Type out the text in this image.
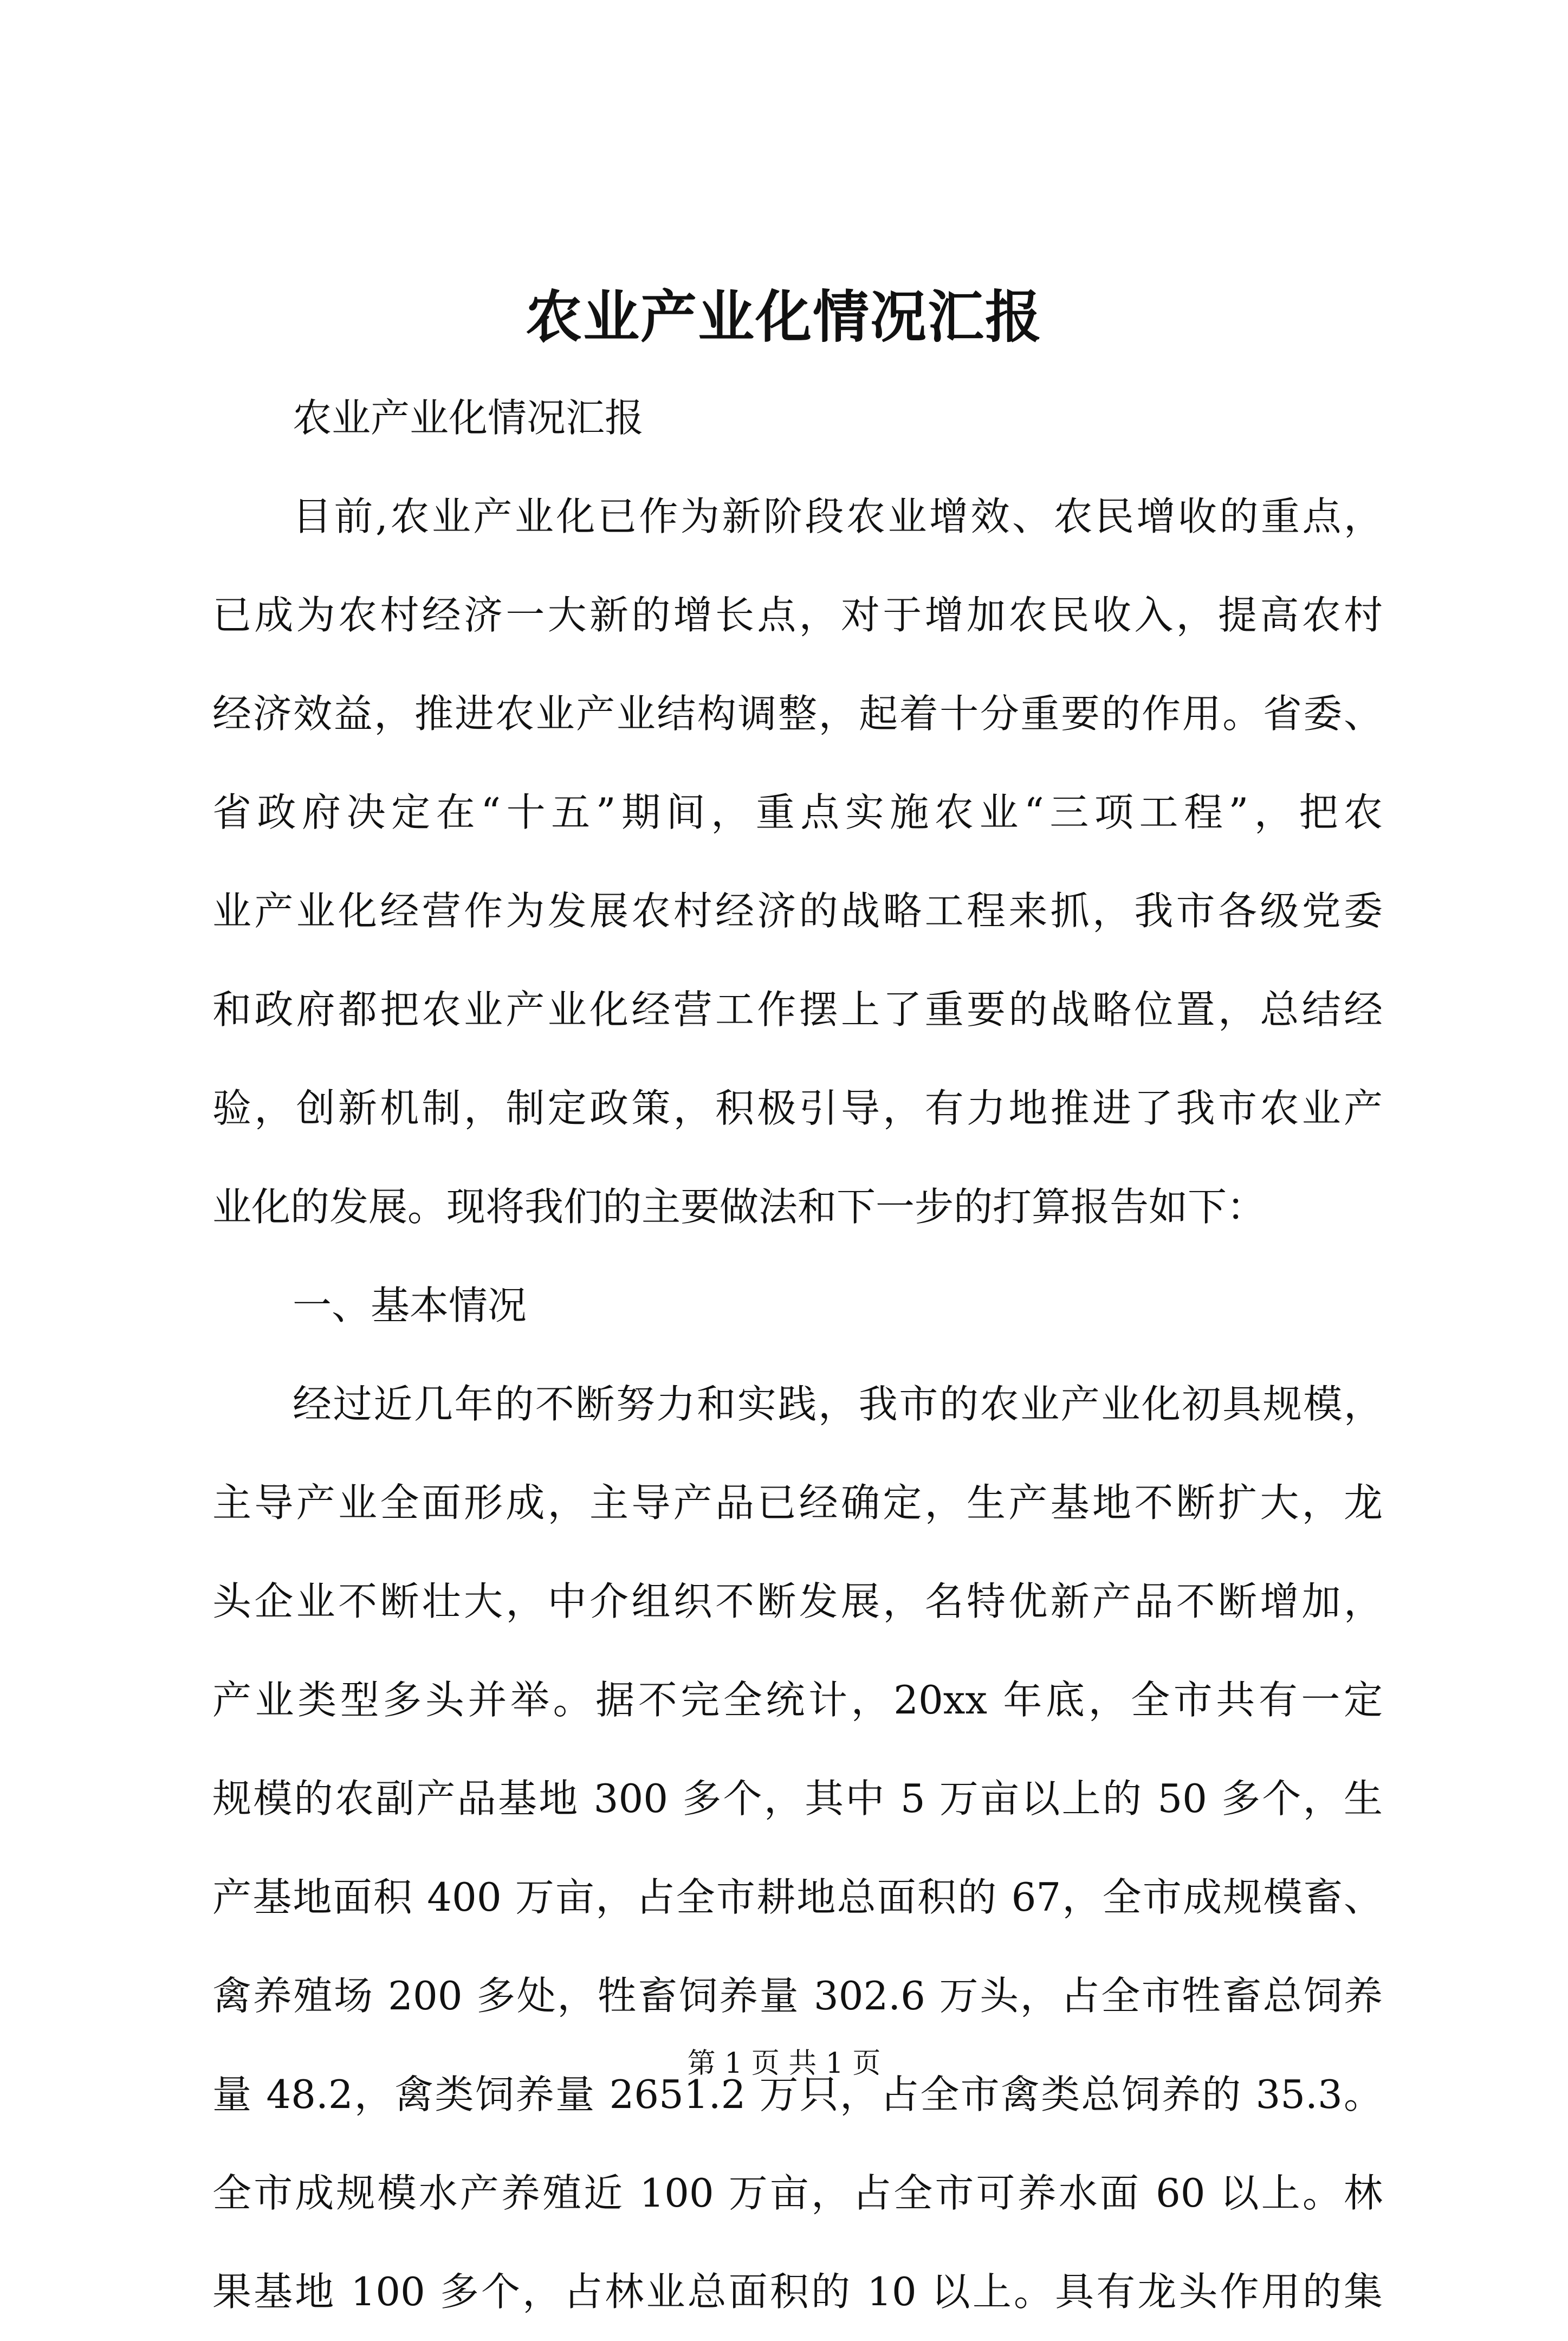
农业产业化情况汇报
农业产业化情况汇报
目前,农业产业化已作为新阶段农业增效、农民增收的重点，
已成为农村经济一大新的增长点，对于增加农民收入，提高农村
经济效益，推进农业产业结构调整，起着十分重要的作用。省委、
省政府决定在“十五”期间，重点实施农业“三项工程”，把农
业产业化经营作为发展农村经济的战略工程来抓，我市各级党委
和政府都把农业产业化经营工作摆上了重要的战略位置，总结经
验，创新机制，制定政策，积极引导，有力地推进了我市农业产
业化的发展。现将我们的主要做法和下一步的打算报告如下：
一、基本情况
经过近几年的不断努力和实践，我市的农业产业化初具规模，
主导产业全面形成，主导产品已经确定，生产基地不断扩大，龙
头企业不断壮大，中介组织不断发展，名特优新产品不断增加，
产业类型多头并举。据不完全统计，20xx 年底，全市共有一定
规模的农副产品基地 300 多个，其中 5 万亩以上的 50 多个，生
产基地面积 400 万亩，占全市耕地总面积的 67，全市成规模畜、
禽养殖场 200 多处，牲畜饲养量 302.6 万头，占全市牲畜总饲养
量 48.2，禽类饲养量 2651.2 万只，占全市禽类总饲养的 35.3。
全市成规模水产养殖近 100 万亩，占全市可养水面 60 以上。林
果基地 100 多个，占林业总面积的 10 以上。具有龙头作用的集
第 1 页 共 1 页
